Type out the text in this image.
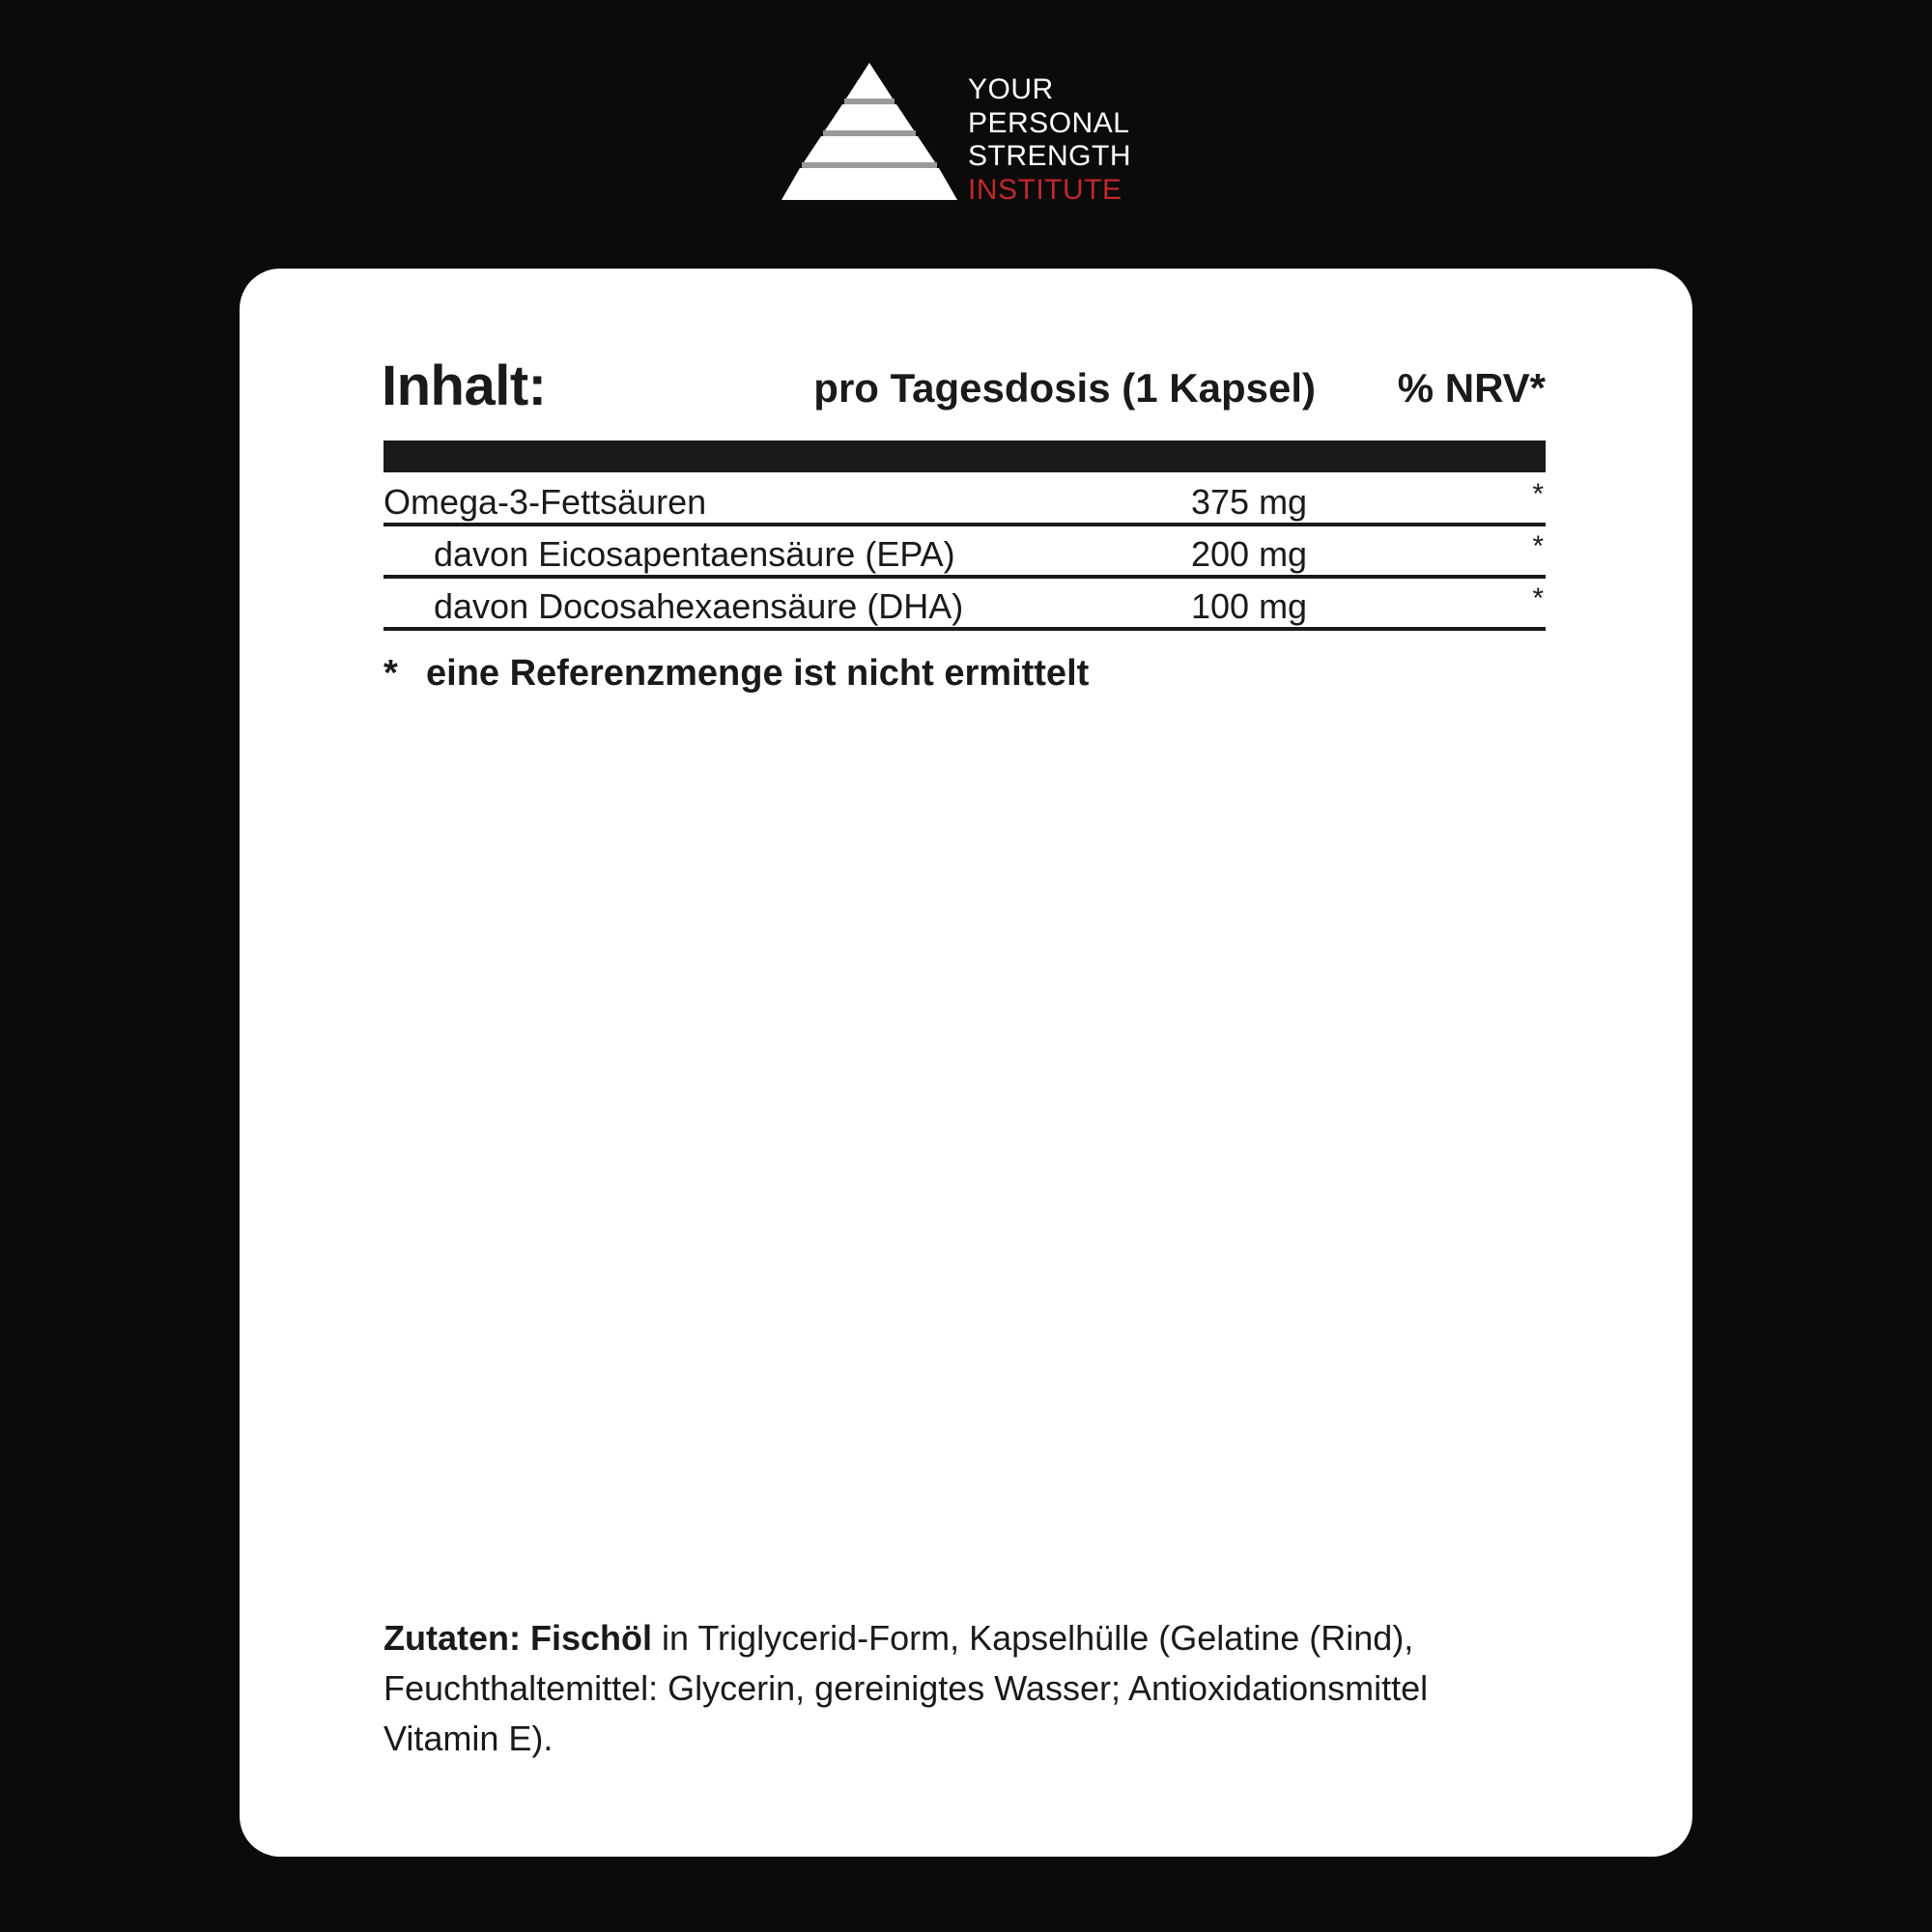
YOUR
PERSONAL
STRENGTH
INSTITUTE
Inhalt:	pro Tagesdosis (1 Kapsel) % NRV*
Omega-3-Fettsäuren	375 mg	*
davon Eicosapentaensäure (EPA)	200 mg	*
davon Docosahexaensäure (DHA)	100 mg	*
* eine Referenzmenge ist nicht ermittelt
Zutaten: Fischöl in Triglycerid-Form, Kapselhülle (Gelatine (Rind), Feuchthaltemittel: Glycerin, gereinigtes Wasser; Antioxidationsmittel Vitamin E).
